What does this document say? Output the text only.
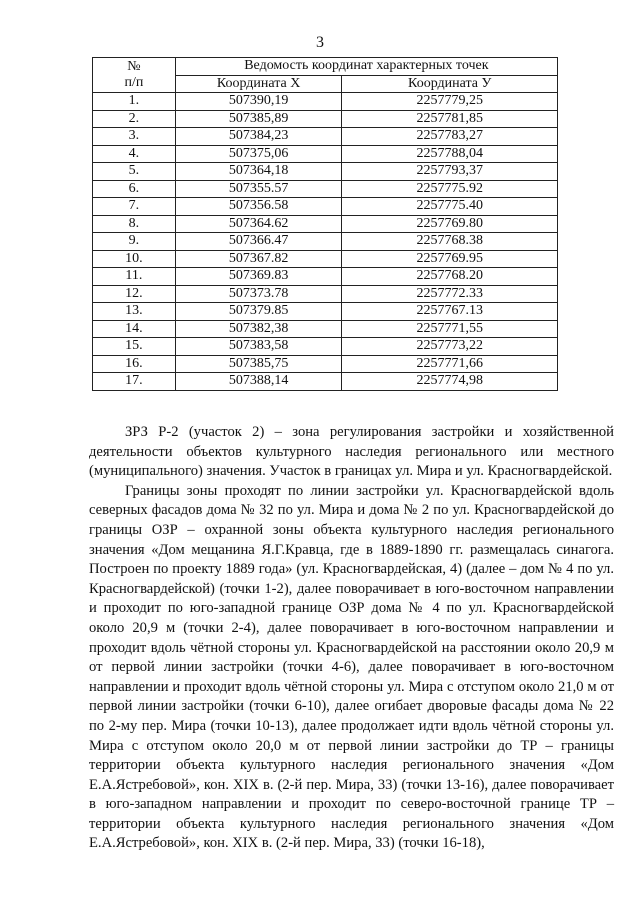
3
№
п/п	Ведомость координат характерных точек	
	Координата Х	Координата У
1.	507390,19	2257779,25
2.	507385,89	2257781,85
3.	507384,23	2257783,27
4.	507375,06	2257788,04
5.	507364,18	2257793,37
6.	507355.57	2257775.92
7.	507356.58	2257775.40
8.	507364.62	2257769.80
9.	507366.47	2257768.38
10.	507367.82	2257769.95
11.	507369.83	2257768.20
12.	507373.78	2257772.33
13.	507379.85	2257767.13
14.	507382,38	2257771,55
15.	507383,58	2257773,22
16.	507385,75	2257771,66
17.	507388,14	2257774,98

ЗРЗ Р-2 (участок 2) – зона регулирования застройки и хозяйственной деятельности объектов культурного наследия регионального или местного (муниципального) значения. Участок в границах ул. Мира и ул. Красногвардейской.

Границы зоны проходят по линии застройки ул. Красногвардейской вдоль северных фасадов дома № 32 по ул. Мира и дома № 2 по ул. Красногвардейской до границы ОЗР – охранной зоны объекта культурного наследия регионального значения «Дом мещанина Я.Г.Кравца, где в 1889-1890 гг. размещалась синагога. Построен по проекту 1889 года» (ул. Красногвардейская, 4) (далее – дом № 4 по ул. Красногвардейской) (точки 1-2), далее поворачивает в юго-восточном направлении и проходит по юго-западной границе ОЗР дома № 4 по ул. Красногвардейской около 20,9 м (точки 2-4), далее поворачивает в юго-восточном направлении и проходит вдоль чётной стороны ул. Красногвардейской на расстоянии около 20,9 м от первой линии застройки (точки 4-6), далее поворачивает в юго-восточном направлении и проходит вдоль чётной стороны ул. Мира с отступом около 21,0 м от первой линии застройки (точки 6-10), далее огибает дворовые фасады дома № 22 по 2-му пер. Мира (точки 10-13), далее продолжает идти вдоль чётной стороны ул. Мира с отступом около 20,0 м от первой линии застройки до ТР – границы территории объекта культурного наследия регионального значения «Дом Е.А.Ястребовой», кон. XIX в. (2-й пер. Мира, 33) (точки 13-16), далее поворачивает в юго-западном направлении и проходит по северо-восточной границе ТР – территории объекта культурного наследия регионального значения «Дом Е.А.Ястребовой», кон. XIX в. (2-й пер. Мира, 33) (точки 16-18),
